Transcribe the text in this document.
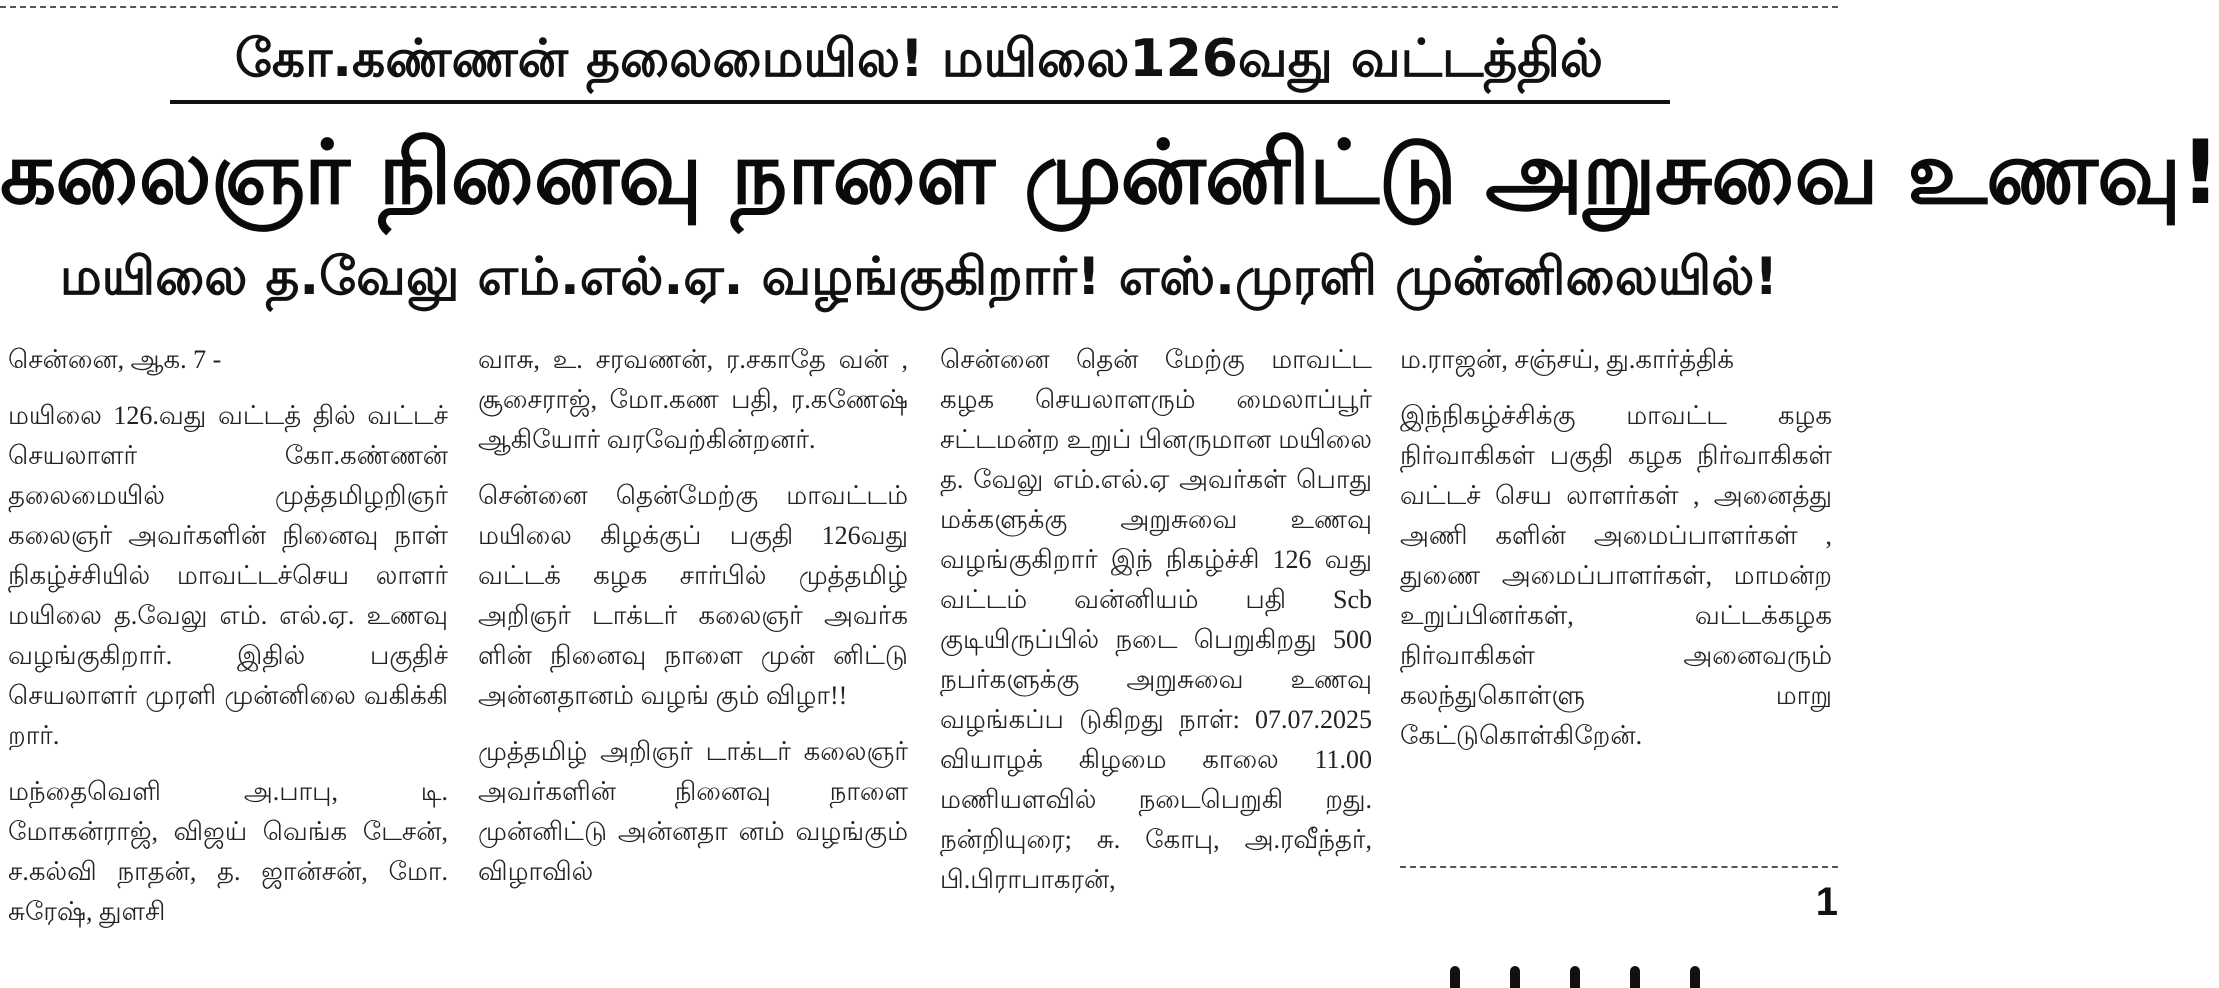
கோ.கண்ணன் தலைமையில! மயிலை126வது வட்டத்தில்
கலைஞர் நினைவு நாளை முன்னிட்டு அறுசுவை உணவு!
மயிலை த.வேலு எம்.எல்.ஏ. வழங்குகிறார்! எஸ்.முரளி முன்னிலையில்!

சென்னை, ஆக. 7 -

மயிலை 126.வது வட்டத் தில் வட்டச் செயலாளர் கோ.கண்ணன் தலைமையில் முத்தமிழறிஞர் கலைஞர் அவர்களின் நினைவு நாள் நிகழ்ச்சியில் மாவட்டச்செய லாளர் மயிலை த.வேலு எம். எல்.ஏ. உணவு வழங்குகிறார். இதில் பகுதிச் செயலாளர் முரளி முன்னிலை வகிக்கி றார்.

மந்தைவெளி அ.பாபு, டி. மோகன்ராஜ், விஜய் வெங்க டேசன், ச.கல்வி நாதன், த. ஜான்சன், மோ. சுரேஷ், துளசி

வாசு, உ. சரவணன், ர.சகாதே வன் , சூசைராஜ், மோ.கண பதி, ர.கணேஷ் ஆகியோர் வரவேற்கின்றனர்.

சென்னை தென்மேற்கு மாவட்டம் மயிலை கிழக்குப் பகுதி 126வது வட்டக் கழக சார்பில் முத்தமிழ் அறிஞர் டாக்டர் கலைஞர் அவர்க ளின் நினைவு நாளை முன் னிட்டு அன்னதானம் வழங் கும் விழா!!

முத்தமிழ் அறிஞர் டாக்டர் கலைஞர் அவர்களின் நினைவு நாளை முன்னிட்டு அன்னதா னம் வழங்கும் விழாவில்

சென்னை தென் மேற்கு மாவட்ட கழக செயலாளரும் மைலாப்பூர் சட்டமன்ற உறுப் பினருமான மயிலை த. வேலு எம்.எல்.ஏ அவர்கள் பொது மக்களுக்கு அறுசுவை உணவு வழங்குகிறார் இந் நிகழ்ச்சி 126 வது வட்டம் வன்னியம் பதி Scb குடியிருப்பில் நடை பெறுகிறது 500 நபர்களுக்கு அறுசுவை உணவு வழங்கப்ப டுகிறது நாள்: 07.07.2025 வியாழக் கிழமை காலை 11.00 மணியளவில் நடைபெறுகி றது. நன்றியுரை; சு. கோபு, அ.ரவீந்தர், பி.பிராபாகரன்,

ம.ராஜன், சஞ்சய், து.கார்த்திக்

இந்நிகழ்ச்சிக்கு மாவட்ட கழக நிர்வாகிகள் பகுதி கழக நிர்வாகிகள் வட்டச் செய லாளர்கள் , அனைத்து அணி களின் அமைப்பாளர்கள் , துணை அமைப்பாளர்கள், மாமன்ற உறுப்பினர்கள், வட்டக்கழக நிர்வாகிகள் அனைவரும் கலந்துகொள்ளு மாறு கேட்டுகொள்கிறேன்.

1
